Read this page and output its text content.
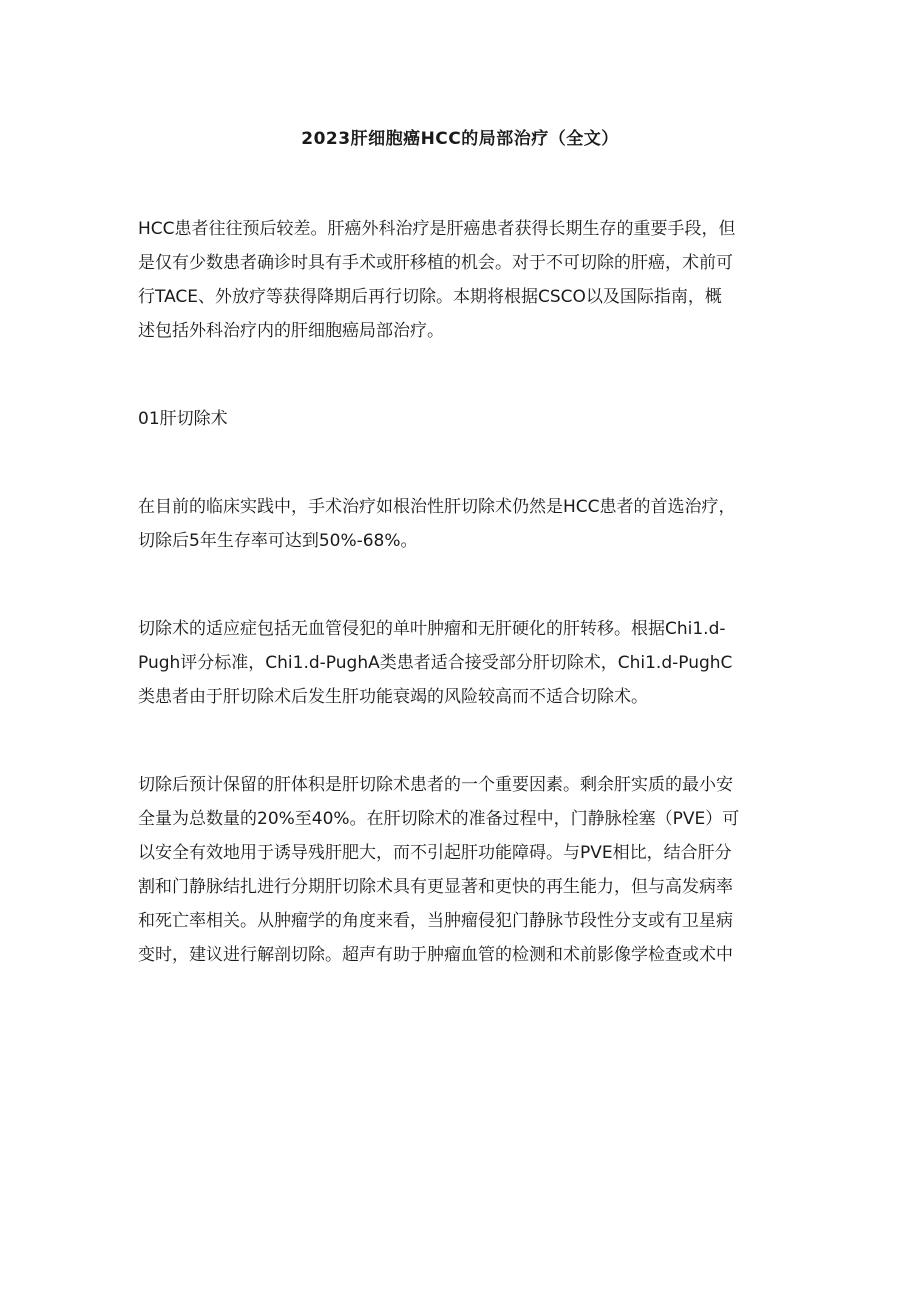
2023肝细胞癌HCC的局部治疗（全文）
HCC患者往往预后较差。肝癌外科治疗是肝癌患者获得长期生存的重要手段，但
是仅有少数患者确诊时具有手术或肝移植的机会。对于不可切除的肝癌，术前可
行TACE、外放疗等获得降期后再行切除。本期将根据CSCO以及国际指南，概
述包括外科治疗内的肝细胞癌局部治疗。
01肝切除术
在目前的临床实践中，手术治疗如根治性肝切除术仍然是HCC患者的首选治疗，
切除后5年生存率可达到50%-68%。
切除术的适应症包括无血管侵犯的单叶肿瘤和无肝硬化的肝转移。根据Chi1.d-
Pugh评分标准，Chi1.d-PughA类患者适合接受部分肝切除术，Chi1.d-PughC
类患者由于肝切除术后发生肝功能衰竭的风险较高而不适合切除术。
切除后预计保留的肝体积是肝切除术患者的一个重要因素。剩余肝实质的最小安
全量为总数量的20%至40%。在肝切除术的准备过程中，门静脉栓塞（PVE）可
以安全有效地用于诱导残肝肥大，而不引起肝功能障碍。与PVE相比，结合肝分
割和门静脉结扎进行分期肝切除术具有更显著和更快的再生能力，但与高发病率
和死亡率相关。从肿瘤学的角度来看，当肿瘤侵犯门静脉节段性分支或有卫星病
变时，建议进行解剖切除。超声有助于肿瘤血管的检测和术前影像学检查或术中
